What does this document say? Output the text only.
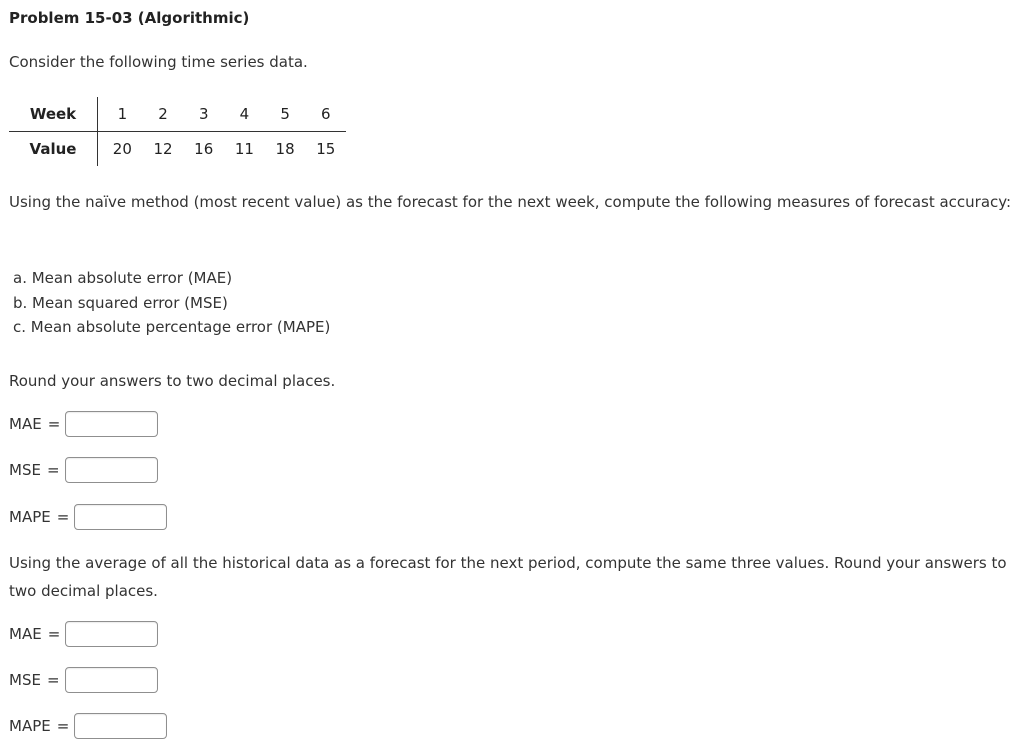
Problem 15-03 (Algorithmic)
Consider the following time series data.
Week	1	2	3	4	5	6
Value	20	12	16	11	18	15
Using the naïve method (most recent value) as the forecast for the next week, compute the following measures of forecast accuracy:
a. Mean absolute error (MAE)
b. Mean squared error (MSE)
c. Mean absolute percentage error (MAPE)
Round your answers to two decimal places.
MAE =
MSE =
MAPE =
Using the average of all the historical data as a forecast for the next period, compute the same three values. Round your answers to two decimal places.
MAE =
MSE =
MAPE =
